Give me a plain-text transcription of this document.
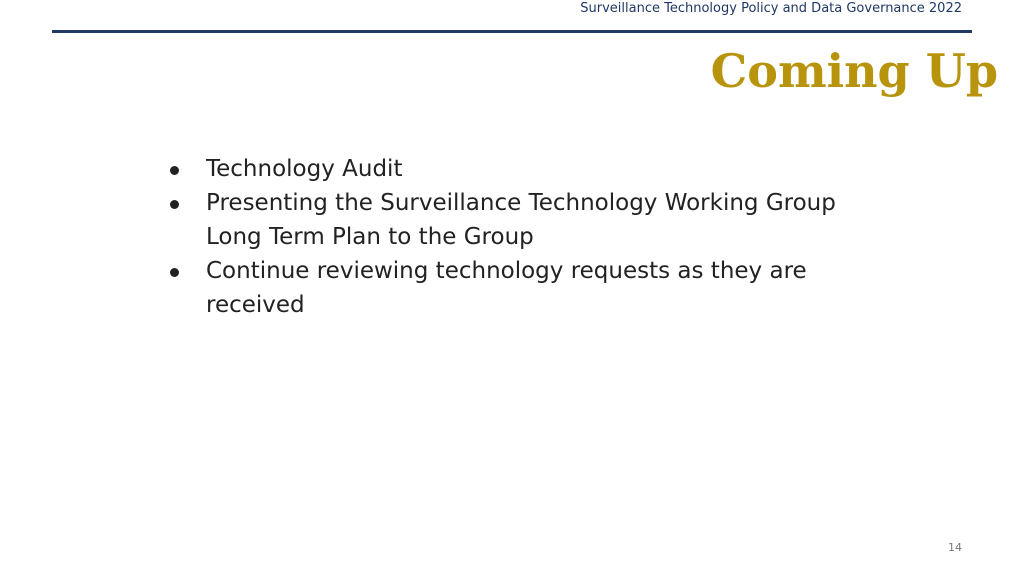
Surveillance Technology Policy and Data Governance 2022
Coming Up
Technology Audit
Presenting the Surveillance Technology Working Group Long Term Plan to the Group
Continue reviewing technology requests as they are received
14
